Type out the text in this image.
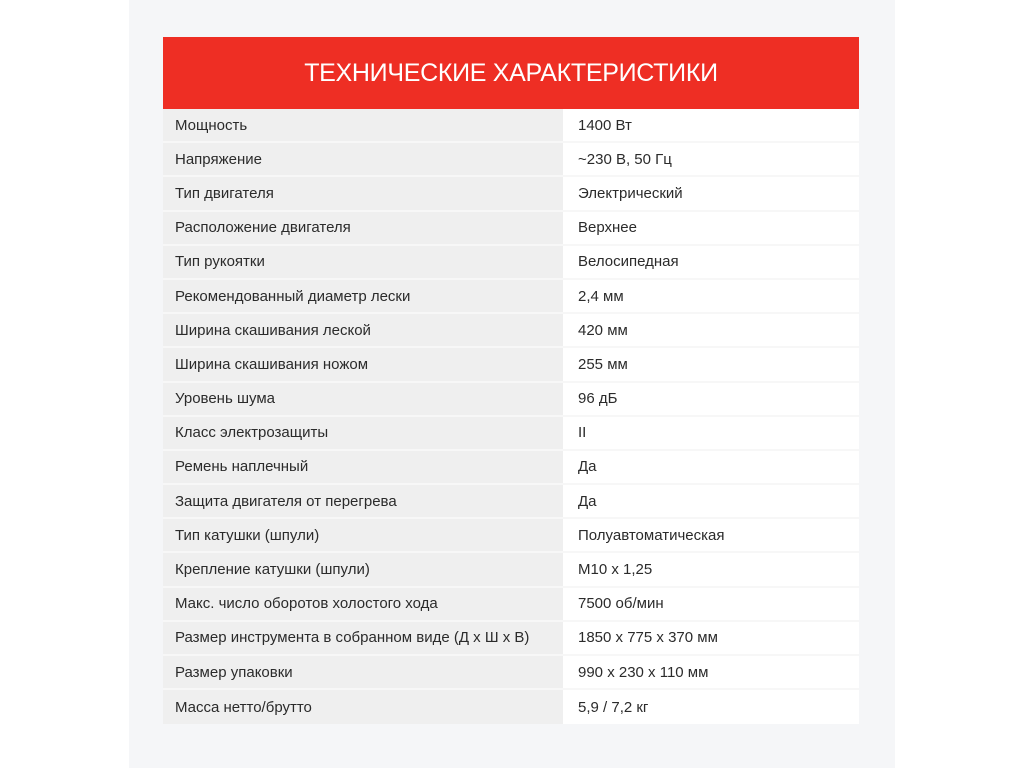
ТЕХНИЧЕСКИЕ ХАРАКТЕРИСТИКИ
Мощность	1400 Вт
Напряжение	~230 В, 50 Гц
Тип двигателя	Электрический
Расположение двигателя	Верхнее
Тип рукоятки	Велосипедная
Рекомендованный диаметр лески	2,4 мм
Ширина скашивания леской	420 мм
Ширина скашивания ножом	255 мм
Уровень шума	96 дБ
Класс электрозащиты	II
Ремень наплечный	Да
Защита двигателя от перегрева	Да
Тип катушки (шпули)	Полуавтоматическая
Крепление катушки (шпули)	М10 х 1,25
Макс. число оборотов холостого хода	7500 об/мин
Размер инструмента в собранном виде (Д х Ш х В)	1850 х 775 х 370 мм
Размер упаковки	990 х 230 х 110 мм
Масса нетто/брутто	5,9 / 7,2 кг
